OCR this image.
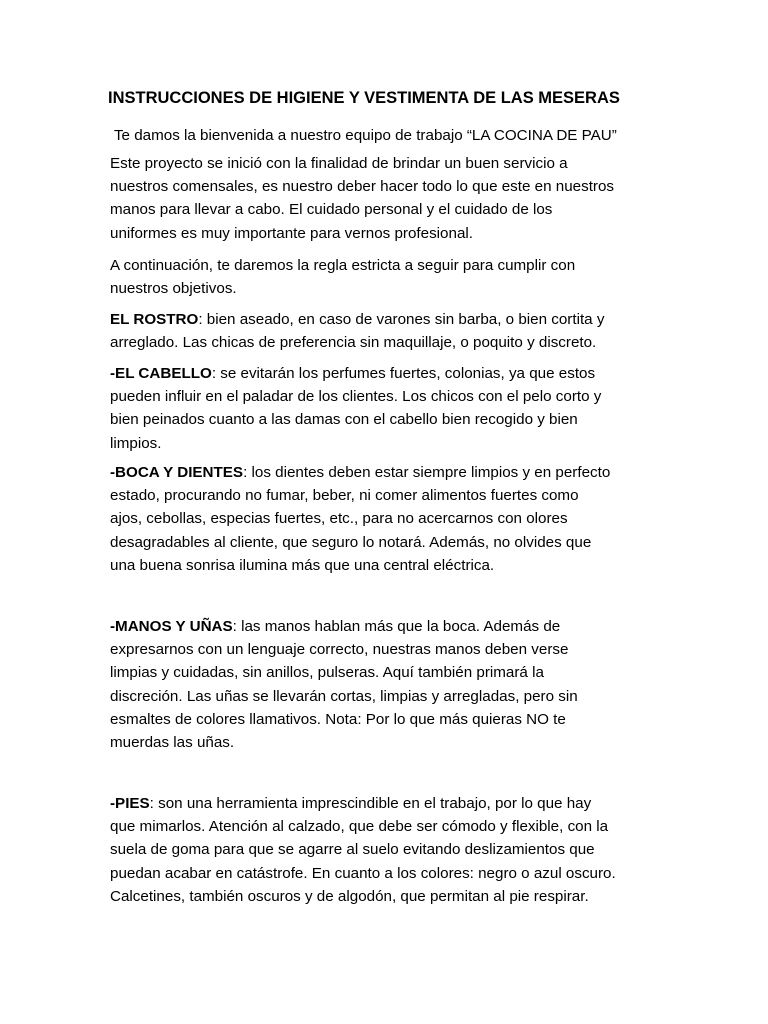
INSTRUCCIONES DE HIGIENE Y VESTIMENTA DE LAS MESERAS

Te damos la bienvenida a nuestro equipo de trabajo “LA COCINA DE PAU”

Este proyecto se inició con la finalidad de brindar un buen servicio a
nuestros comensales, es nuestro deber hacer todo lo que este en nuestros
manos para llevar a cabo. El cuidado personal y el cuidado de los
uniformes es muy importante para vernos profesional.

A continuación, te daremos la regla estricta a seguir para cumplir con
nuestros objetivos.

EL ROSTRO: bien aseado, en caso de varones sin barba, o bien cortita y
arreglado. Las chicas de preferencia sin maquillaje, o poquito y discreto.

-EL CABELLO: se evitarán los perfumes fuertes, colonias, ya que estos
pueden influir en el paladar de los clientes. Los chicos con el pelo corto y
bien peinados cuanto a las damas con el cabello bien recogido y bien
limpios.

-BOCA Y DIENTES: los dientes deben estar siempre limpios y en perfecto
estado, procurando no fumar, beber, ni comer alimentos fuertes como
ajos, cebollas, especias fuertes, etc., para no acercarnos con olores
desagradables al cliente, que seguro lo notará. Además, no olvides que
una buena sonrisa ilumina más que una central eléctrica.

-MANOS Y UÑAS: las manos hablan más que la boca. Además de
expresarnos con un lenguaje correcto, nuestras manos deben verse
limpias y cuidadas, sin anillos, pulseras. Aquí también primará la
discreción. Las uñas se llevarán cortas, limpias y arregladas, pero sin
esmaltes de colores llamativos. Nota: Por lo que más quieras NO te
muerdas las uñas.

-PIES: son una herramienta imprescindible en el trabajo, por lo que hay
que mimarlos. Atención al calzado, que debe ser cómodo y flexible, con la
suela de goma para que se agarre al suelo evitando deslizamientos que
puedan acabar en catástrofe. En cuanto a los colores: negro o azul oscuro.
Calcetines, también oscuros y de algodón, que permitan al pie respirar.
